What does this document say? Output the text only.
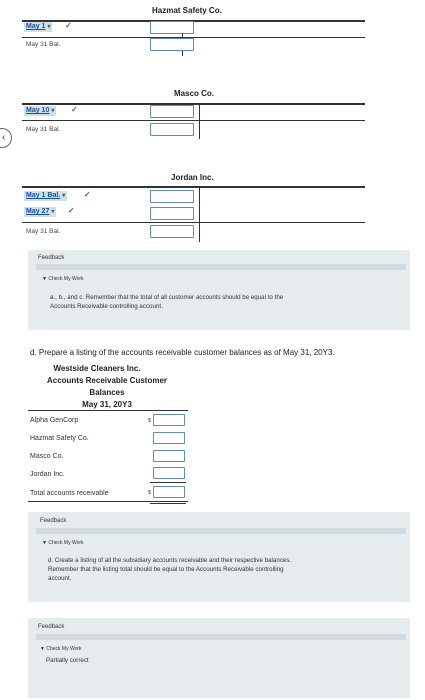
‹
Hazmat Safety Co.
May 1 ▾ ✓
May 31 Bal.
Masco Co.
May 10 ▾ ✓
May 31 Bal.
Jordan Inc.
May 1 Bal. ▾ ✓
May 27 ▾ ✓
May 31 Bal.
Feedback
▼ Check My Work
a., b., and c. Remember that the total of all customer accounts should be equal to the
Accounts Receivable controlling account.
d. Prepare a listing of the accounts receivable customer balances as of May 31, 20Y3.
Westside Cleaners Inc.
Accounts Receivable Customer
Balances
May 31, 20Y3
Alpha GenCorp	$
Hazmat Safety Co.
Masco Co.
Jordan Inc.
Total accounts receivable	$
Feedback
▼ Check My Work
d. Create a listing of all the subsidiary accounts receivable and their respective balances.
Remember that the listing total should be equal to the Accounts Receivable controlling
account.
Feedback
▼ Check My Work
Partially correct
